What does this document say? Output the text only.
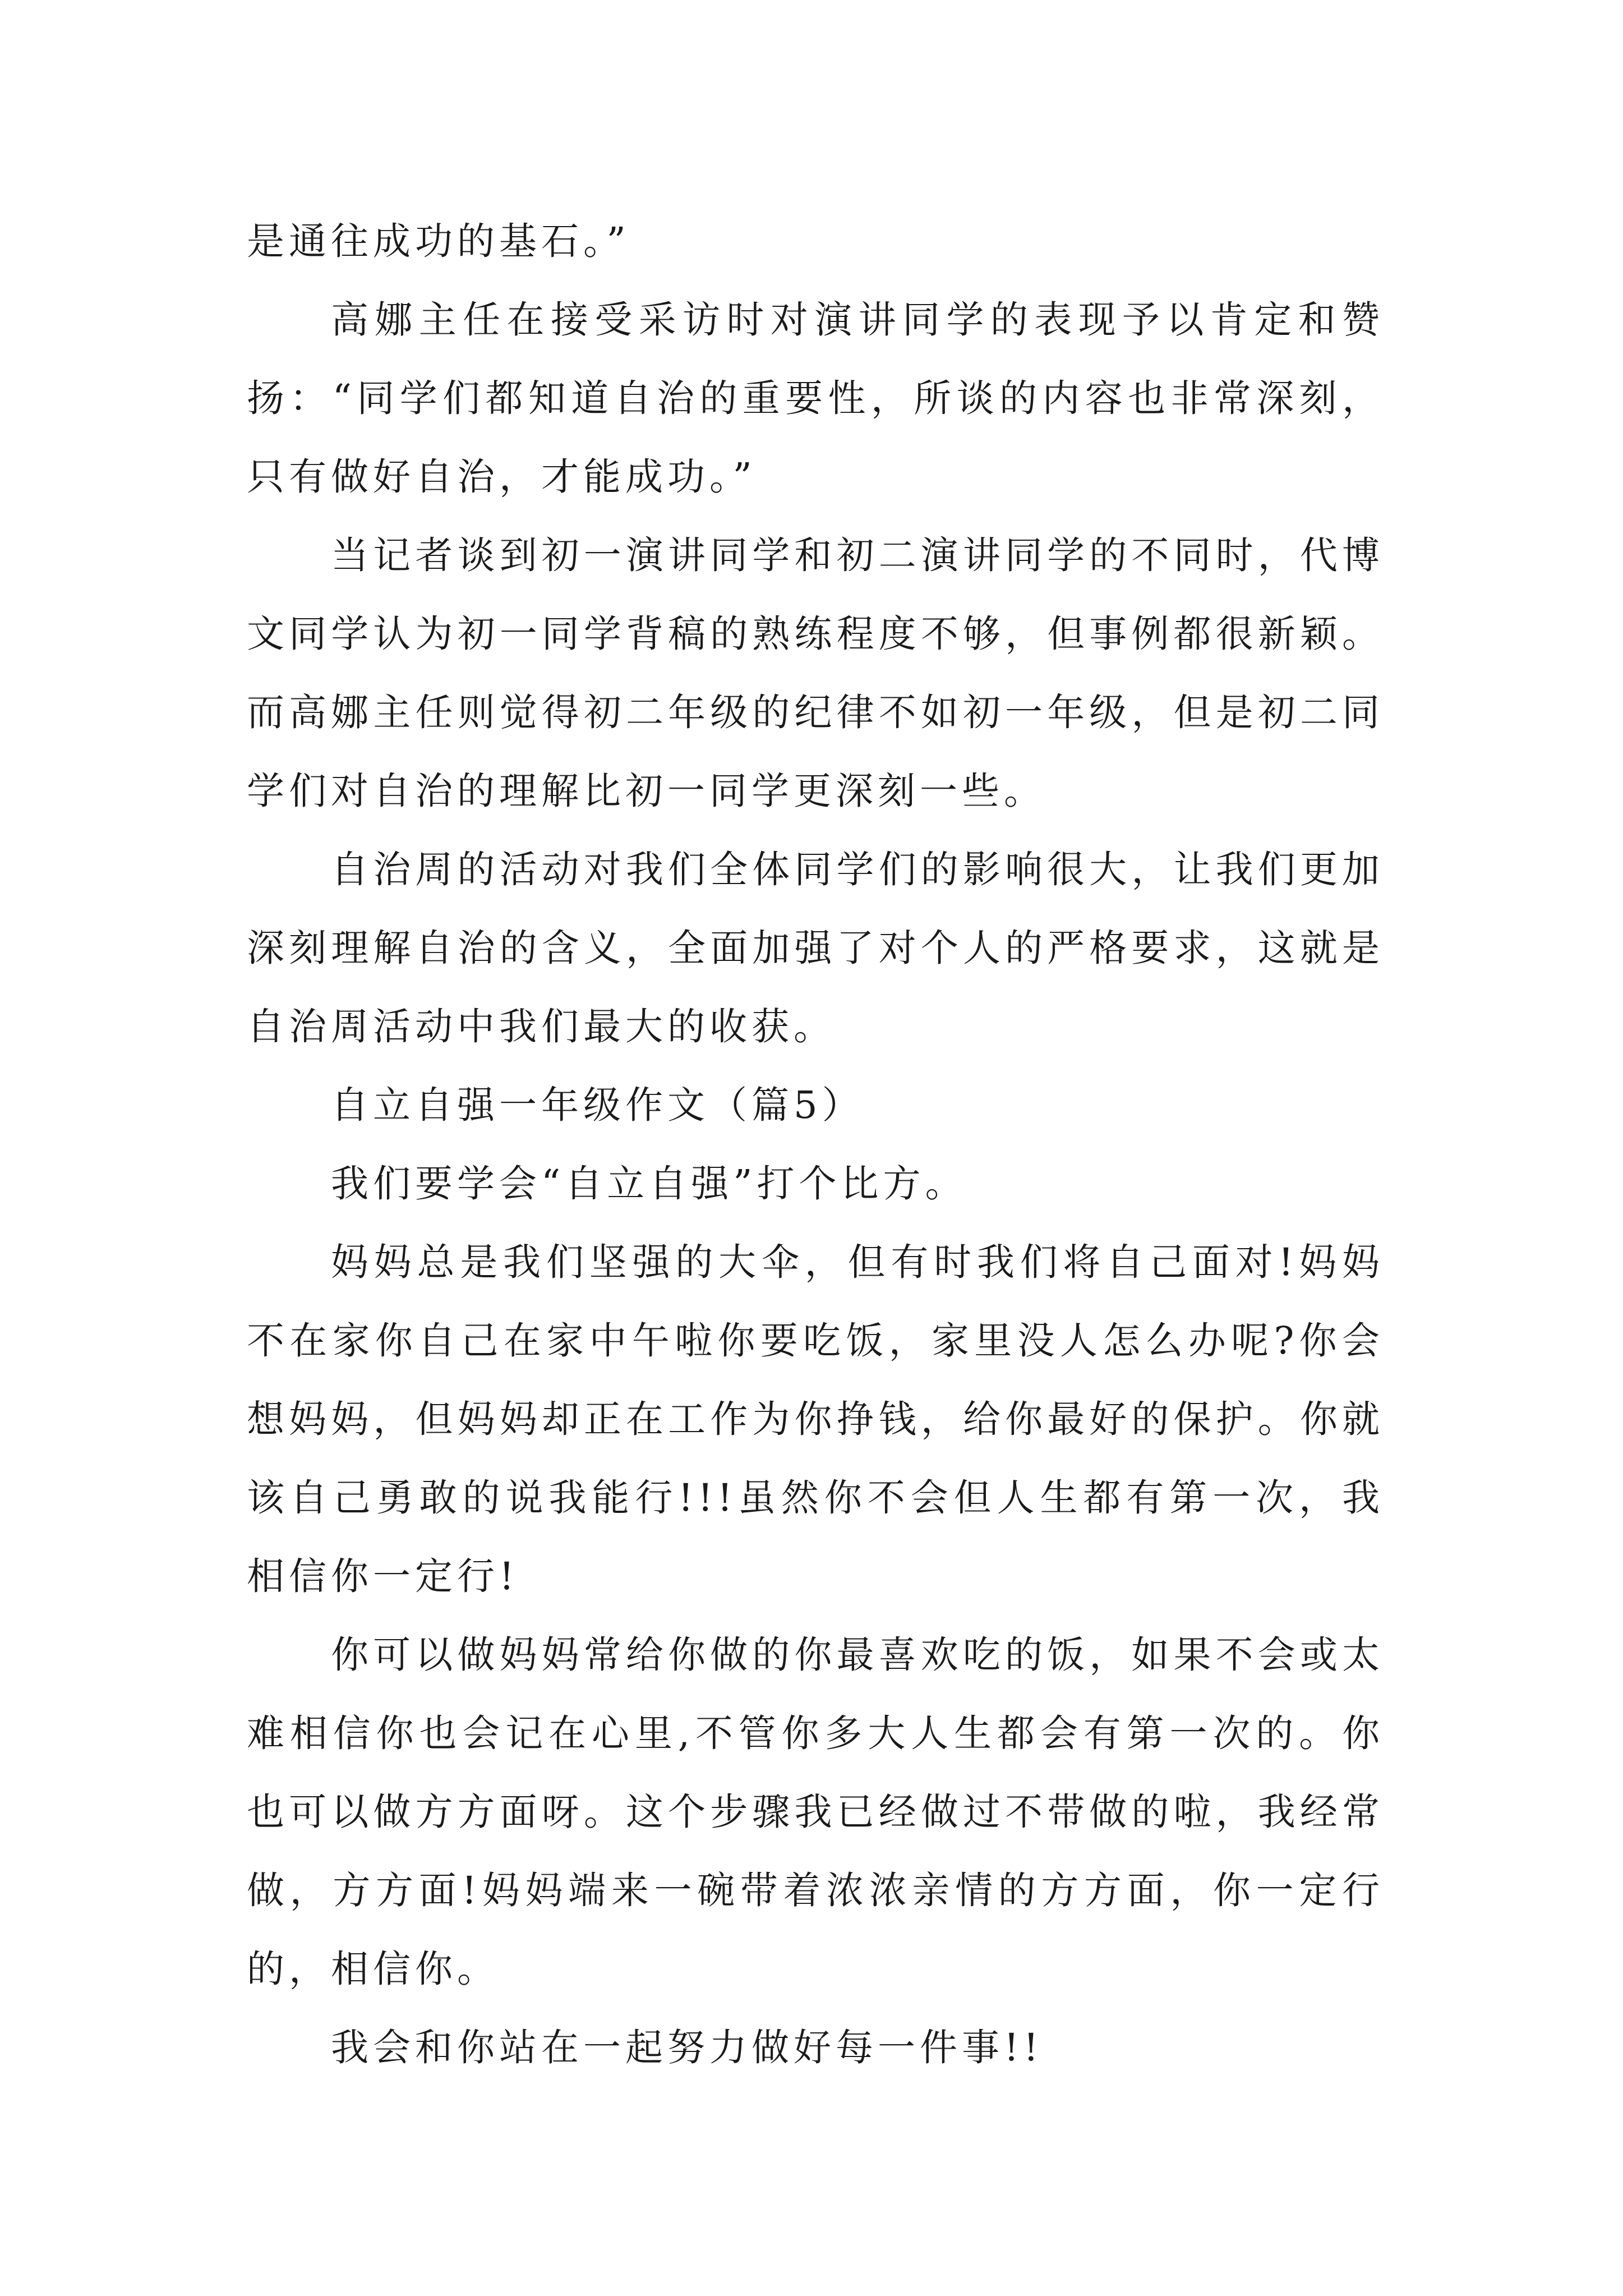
是通往成功的基石。”

高娜主任在接受采访时对演讲同学的表现予以肯定和赞扬：“同学们都知道自治的重要性，所谈的内容也非常深刻，只有做好自治，才能成功。”

当记者谈到初一演讲同学和初二演讲同学的不同时，代博文同学认为初一同学背稿的熟练程度不够，但事例都很新颖。而高娜主任则觉得初二年级的纪律不如初一年级，但是初二同学们对自治的理解比初一同学更深刻一些。

自治周的活动对我们全体同学们的影响很大，让我们更加深刻理解自治的含义，全面加强了对个人的严格要求，这就是自治周活动中我们最大的收获。

自立自强一年级作文（篇5）

我们要学会“自立自强”打个比方。

妈妈总是我们坚强的大伞，但有时我们将自己面对!妈妈不在家你自己在家中午啦你要吃饭，家里没人怎么办呢?你会想妈妈，但妈妈却正在工作为你挣钱，给你最好的保护。你就该自己勇敢的说我能行!!!虽然你不会但人生都有第一次，我相信你一定行!

你可以做妈妈常给你做的你最喜欢吃的饭，如果不会或太难相信你也会记在心里,不管你多大人生都会有第一次的。你也可以做方方面呀。这个步骤我已经做过不带做的啦，我经常做，方方面!妈妈端来一碗带着浓浓亲情的方方面，你一定行的，相信你。

我会和你站在一起努力做好每一件事!!
